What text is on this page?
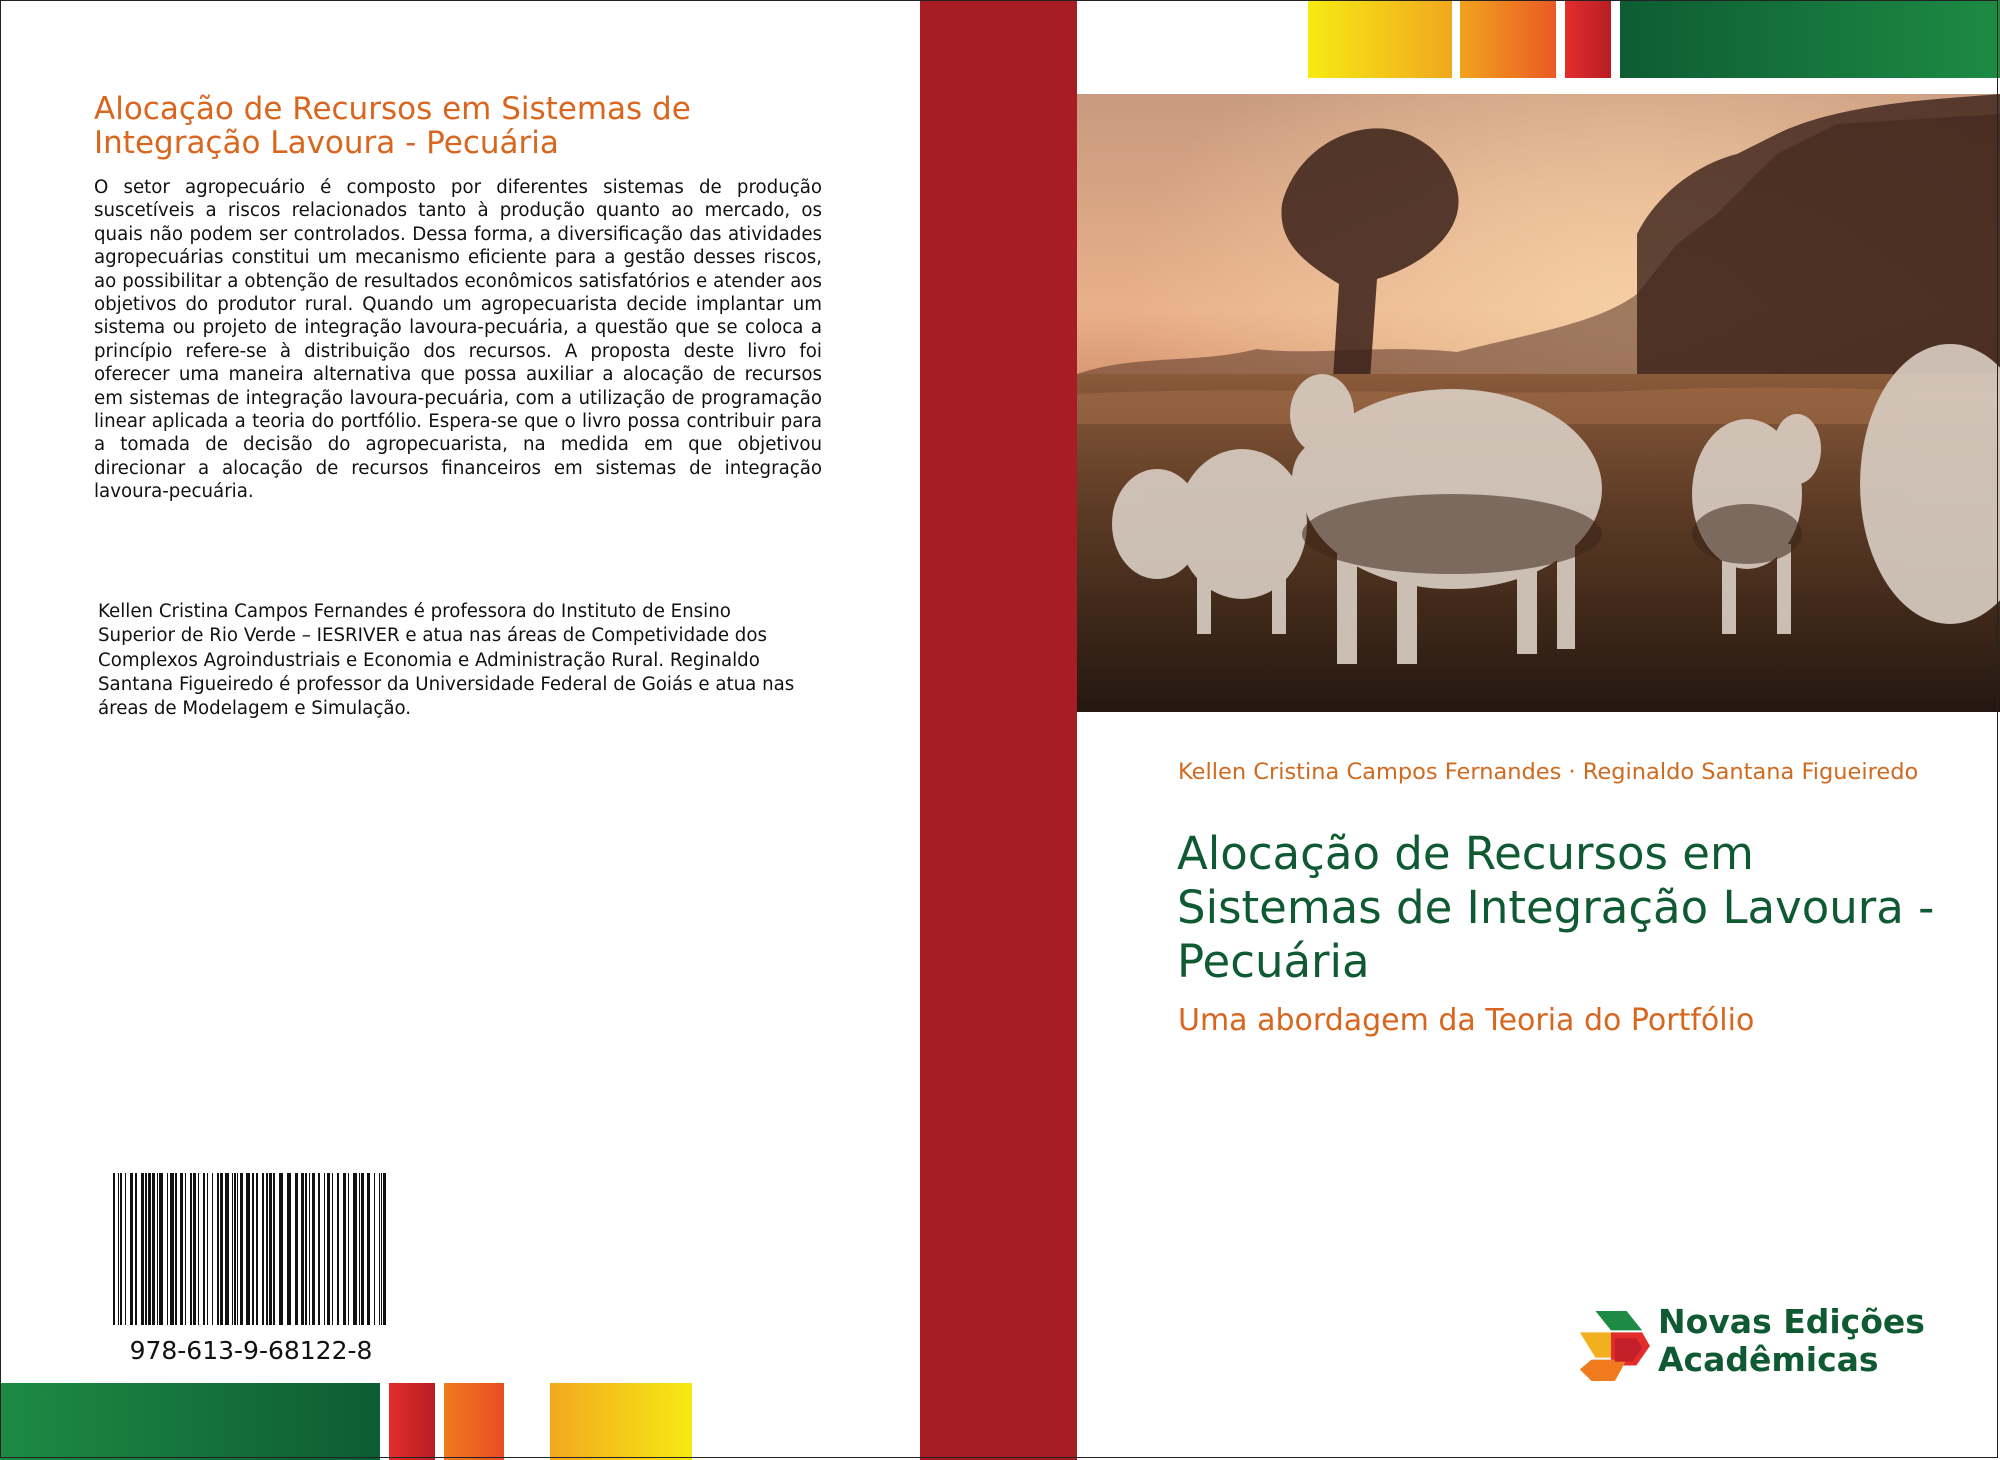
Alocação de Recursos em Sistemas de Integração Lavoura - Pecuária

O setor agropecuário é composto por diferentes sistemas de produção suscetíveis a riscos relacionados tanto à produção quanto ao mercado, os quais não podem ser controlados. Dessa forma, a diversificação das atividades agropecuárias constitui um mecanismo eficiente para a gestão desses riscos, ao possibilitar a obtenção de resultados econômicos satisfatórios e atender aos objetivos do produtor rural. Quando um agropecuarista decide implantar um sistema ou projeto de integração lavoura-pecuária, a questão que se coloca a princípio refere-se à distribuição dos recursos. A proposta deste livro foi oferecer uma maneira alternativa que possa auxiliar a alocação de recursos em sistemas de integração lavoura-pecuária, com a utilização de programação linear aplicada a teoria do portfólio. Espera-se que o livro possa contribuir para a tomada de decisão do agropecuarista, na medida em que objetivou direcionar a alocação de recursos financeiros em sistemas de integração lavoura-pecuária.

Kellen Cristina Campos Fernandes é professora do Instituto de Ensino Superior de Rio Verde – IESRIVER e atua nas áreas de Competividade dos Complexos Agroindustriais e Economia e Administração Rural. Reginaldo Santana Figueiredo é professor da Universidade Federal de Goiás e atua nas áreas de Modelagem e Simulação.

978-613-9-68122-8

Kellen Cristina Campos Fernandes · Reginaldo Santana Figueiredo

Alocação de Recursos em Sistemas de Integração Lavoura - Pecuária

Uma abordagem da Teoria do Portfólio

Novas Edições
Acadêmicas
